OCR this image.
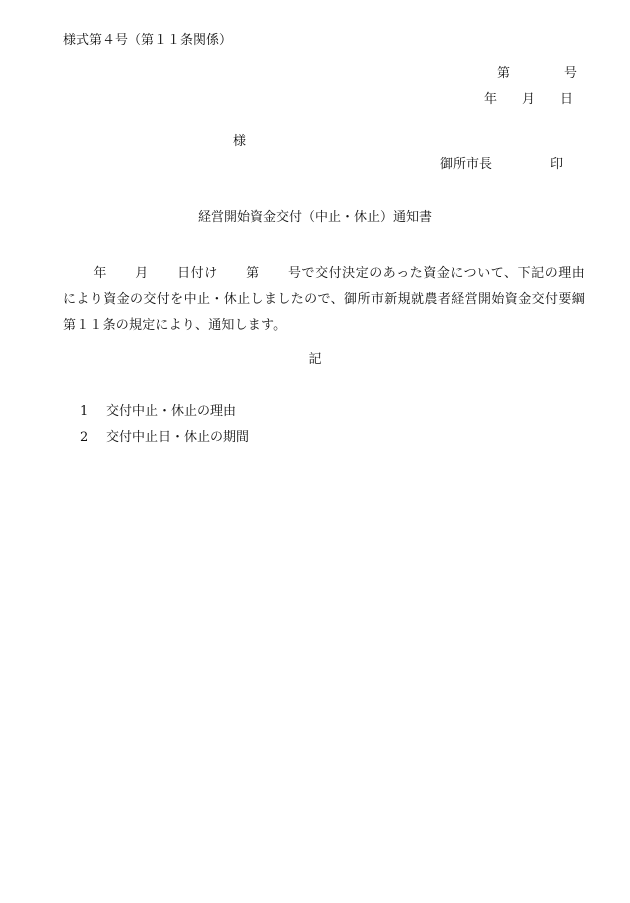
様式第４号（第１１条関係）
第	号
年 月 日
様
御所市長	印
経営開始資金交付（中止・休止）通知書
年 月 日付け 第 号で交付決定のあった資金について、下記の理由により資金の交付を中止・休止しましたので、御所市新規就農者経営開始資金交付要綱第１１条の規定により、通知します。
記
1 交付中止・休止の理由
2 交付中止日・休止の期間
